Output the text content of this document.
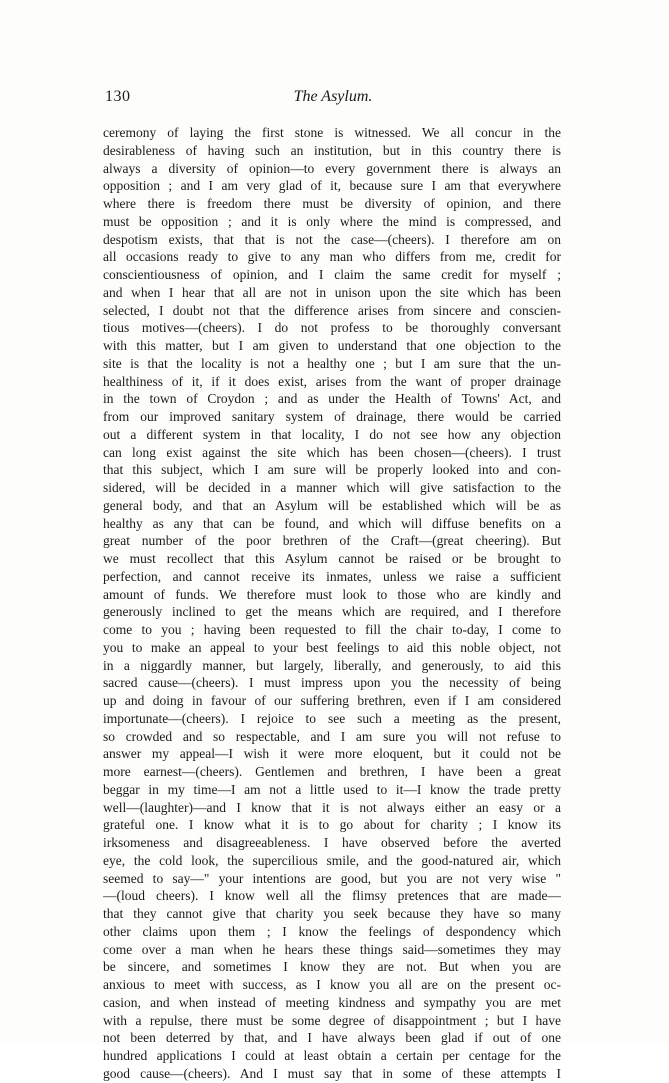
130	The Asylum.
ceremony of laying the first stone is witnessed. We all concur in the
desirableness of having such an institution, but in this country there is
always a diversity of opinion—to every government there is always an
opposition ; and I am very glad of it, because sure I am that everywhere
where there is freedom there must be diversity of opinion, and there
must be opposition ; and it is only where the mind is compressed, and
despotism exists, that that is not the case—(cheers). I therefore am on
all occasions ready to give to any man who differs from me, credit for
conscientiousness of opinion, and I claim the same credit for myself ;
and when I hear that all are not in unison upon the site which has been
selected, I doubt not that the difference arises from sincere and conscien-
tious motives—(cheers). I do not profess to be thoroughly conversant
with this matter, but I am given to understand that one objection to the
site is that the locality is not a healthy one ; but I am sure that the un-
healthiness of it, if it does exist, arises from the want of proper drainage
in the town of Croydon ; and as under the Health of Towns' Act, and
from our improved sanitary system of drainage, there would be carried
out a different system in that locality, I do not see how any objection
can long exist against the site which has been chosen—(cheers). I trust
that this subject, which I am sure will be properly looked into and con-
sidered, will be decided in a manner which will give satisfaction to the
general body, and that an Asylum will be established which will be as
healthy as any that can be found, and which will diffuse benefits on a
great number of the poor brethren of the Craft—(great cheering). But
we must recollect that this Asylum cannot be raised or be brought to
perfection, and cannot receive its inmates, unless we raise a sufficient
amount of funds. We therefore must look to those who are kindly and
generously inclined to get the means which are required, and I therefore
come to you ; having been requested to fill the chair to-day, I come to
you to make an appeal to your best feelings to aid this noble object, not
in a niggardly manner, but largely, liberally, and generously, to aid this
sacred cause—(cheers). I must impress upon you the necessity of being
up and doing in favour of our suffering brethren, even if I am considered
importunate—(cheers). I rejoice to see such a meeting as the present,
so crowded and so respectable, and I am sure you will not refuse to
answer my appeal—I wish it were more eloquent, but it could not be
more earnest—(cheers). Gentlemen and brethren, I have been a great
beggar in my time—I am not a little used to it—I know the trade pretty
well—(laughter)—and I know that it is not always either an easy or a
grateful one. I know what it is to go about for charity ; I know its
irksomeness and disagreeableness. I have observed before the averted
eye, the cold look, the supercilious smile, and the good-natured air, which
seemed to say—" your intentions are good, but you are not very wise "
—(loud cheers). I know well all the flimsy pretences that are made—
that they cannot give that charity you seek because they have so many
other claims upon them ; I know the feelings of despondency which
come over a man when he hears these things said—sometimes they may
be sincere, and sometimes I know they are not. But when you are
anxious to meet with success, as I know you all are on the present oc-
casion, and when instead of meeting kindness and sympathy you are met
with a repulse, there must be some degree of disappointment ; but I have
not been deterred by that, and I have always been glad if out of one
hundred applications I could at least obtain a certain per centage for the
good cause—(cheers). And I must say that in some of these attempts I
